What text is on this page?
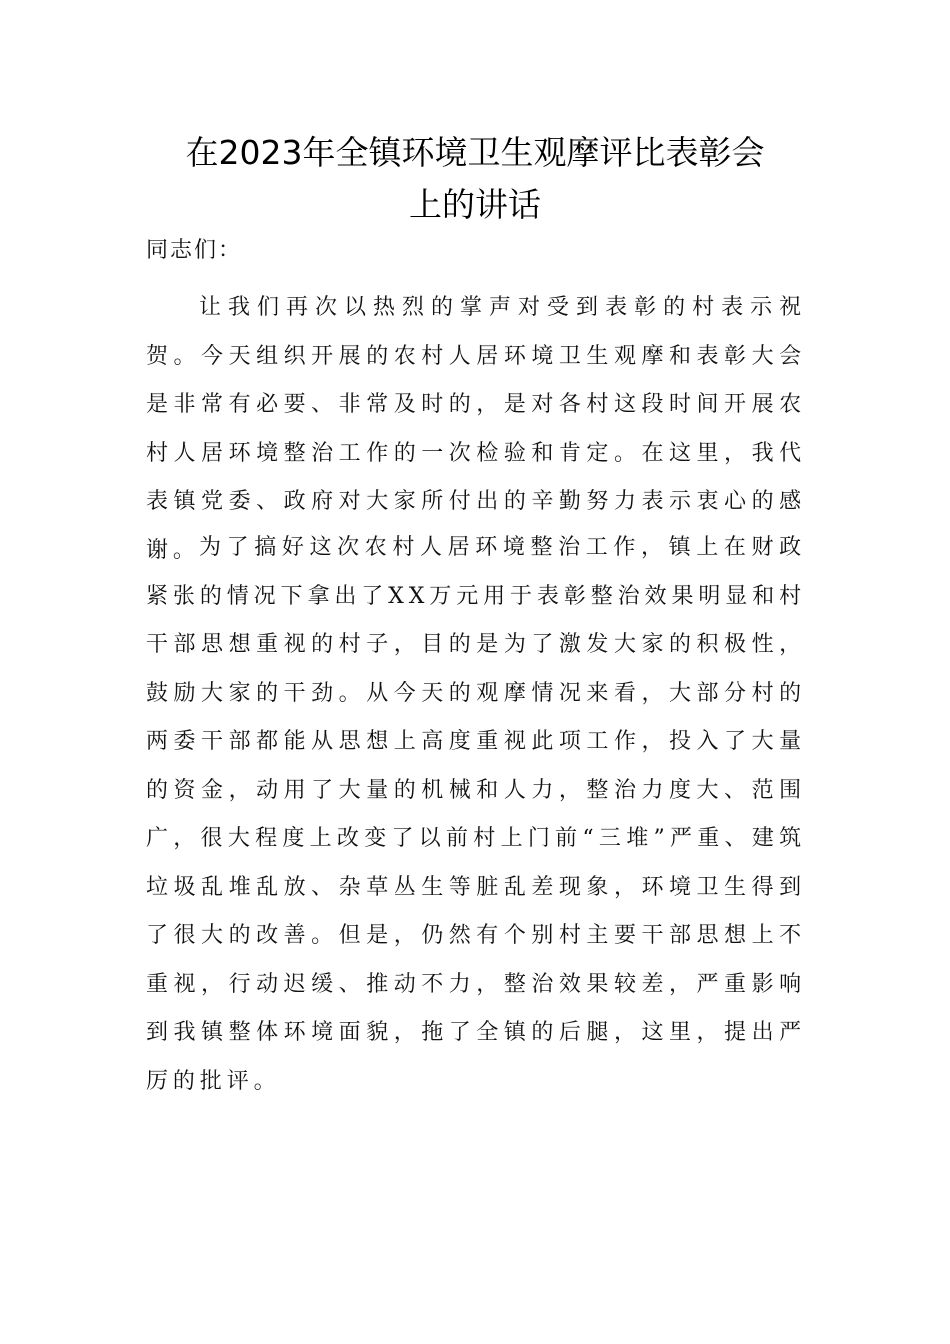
在2023年全镇环境卫生观摩评比表彰会
上的讲话

同志们：

让我们再次以热烈的掌声对受到表彰的村表示祝贺。今天组织开展的农村人居环境卫生观摩和表彰大会是非常有必要、非常及时的，是对各村这段时间开展农村人居环境整治工作的一次检验和肯定。在这里，我代表镇党委、政府对大家所付出的辛勤努力表示衷心的感谢。 为了搞好这次农村人居环境整治工作，镇上在财政紧张的情况下拿出了XX万元用于表彰整治效果明显和村干部思想重视的村子，目的是为了激发大家的积极性，鼓励大家的干劲。从今天的观摩情况来看，大部分村的两委干部都能从思想上高度重视此项工作，投入了大量的资金，动用了大量的机械和人力，整治力度大、范围广，很大程度上改变了以前村上门前“三堆”严重、建筑垃圾乱堆乱放、杂草丛生等脏乱差现象，环境卫生得到了很大的改善。但是，仍然有个别村主要干部思想上不重视，行动迟缓、推动不力，整治效果较差，严重影响到我镇整体环境面貌，拖了全镇的后腿，这里，提出严厉的批评。
